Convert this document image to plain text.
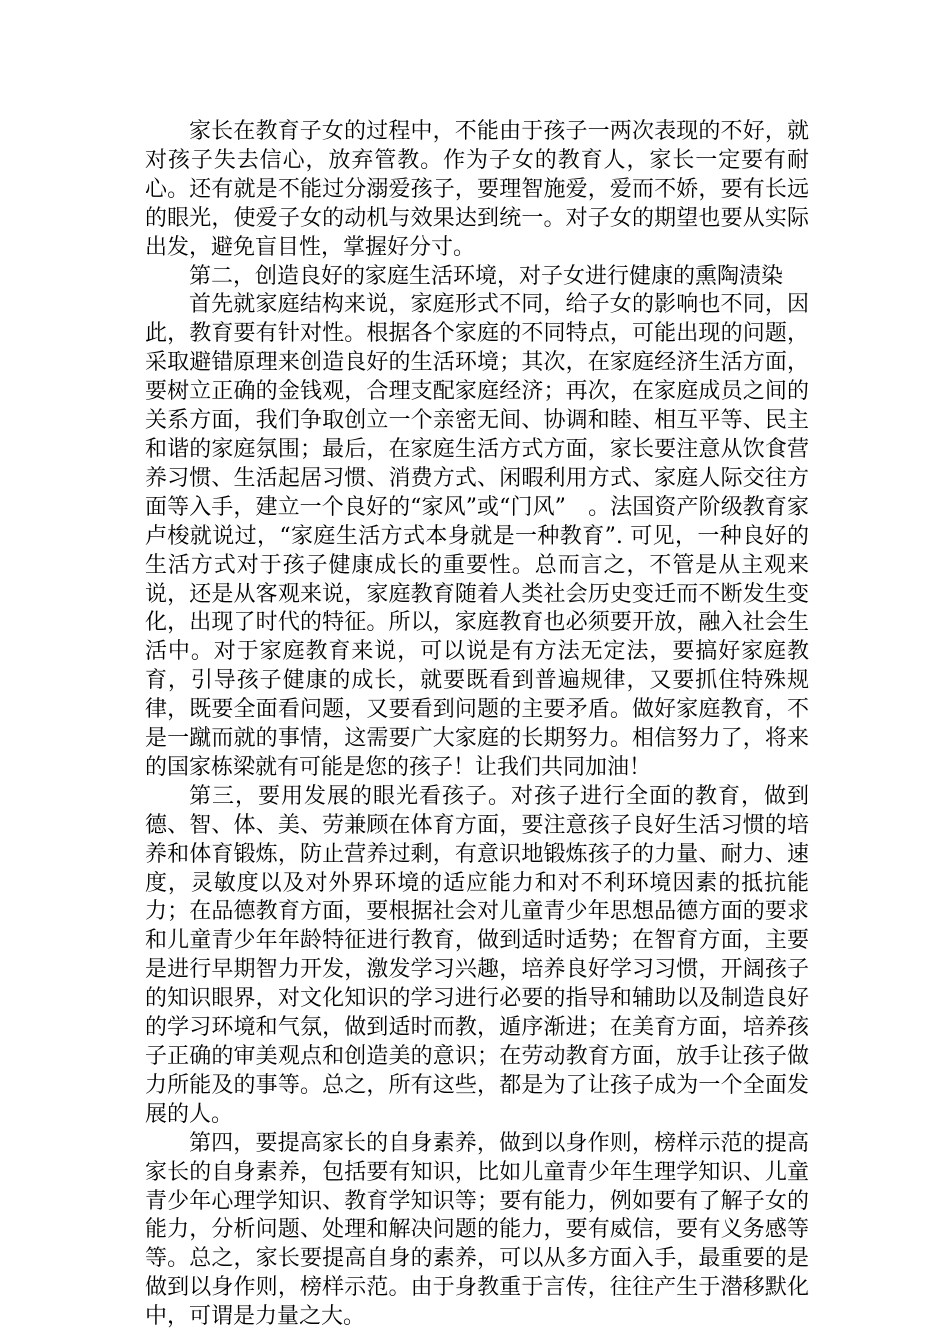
家长在教育子女的过程中，不能由于孩子一两次表现的不好，就对孩子失去信心，放弃管教。作为子女的教育人，家长一定要有耐心。还有就是不能过分溺爱孩子，要理智施爱，爱而不娇，要有长远的眼光，使爱子女的动机与效果达到统一。对子女的期望也要从实际出发，避免盲目性，掌握好分寸。

第二，创造良好的家庭生活环境，对子女进行健康的熏陶渍染

首先就家庭结构来说，家庭形式不同，给子女的影响也不同，因此，教育要有针对性。根据各个家庭的不同特点，可能出现的问题，采取避错原理来创造良好的生活环境；其次，在家庭经济生活方面，要树立正确的金钱观，合理支配家庭经济；再次，在家庭成员之间的关系方面，我们争取创立一个亲密无间、协调和睦、相互平等、民主和谐的家庭氛围；最后，在家庭生活方式方面，家长要注意从饮食营养习惯、生活起居习惯、消费方式、闲暇利用方式、家庭人际交往方面等入手，建立一个良好的“家风”或“门风”　。法国资产阶级教育家卢梭就说过，“家庭生活方式本身就是一种教育”. 可见，一种良好的生活方式对于孩子健康成长的重要性。总而言之，不管是从主观来说，还是从客观来说，家庭教育随着人类社会历史变迁而不断发生变化，出现了时代的特征。所以，家庭教育也必须要开放，融入社会生活中。对于家庭教育来说，可以说是有方法无定法，要搞好家庭教育，引导孩子健康的成长，就要既看到普遍规律，又要抓住特殊规律，既要全面看问题，又要看到问题的主要矛盾。做好家庭教育，不是一蹴而就的事情，这需要广大家庭的长期努力。相信努力了，将来的国家栋梁就有可能是您的孩子！让我们共同加油！

第三，要用发展的眼光看孩子。对孩子进行全面的教育，做到德、智、体、美、劳兼顾在体育方面，要注意孩子良好生活习惯的培养和体育锻炼，防止营养过剩，有意识地锻炼孩子的力量、耐力、速度，灵敏度以及对外界环境的适应能力和对不利环境因素的抵抗能力；在品德教育方面，要根据社会对儿童青少年思想品德方面的要求和儿童青少年年龄特征进行教育，做到适时适势；在智育方面，主要是进行早期智力开发，激发学习兴趣，培养良好学习习惯，开阔孩子的知识眼界，对文化知识的学习进行必要的指导和辅助以及制造良好的学习环境和气氛，做到适时而教，遁序渐进；在美育方面，培养孩子正确的审美观点和创造美的意识；在劳动教育方面，放手让孩子做力所能及的事等。总之，所有这些，都是为了让孩子成为一个全面发展的人。

第四，要提高家长的自身素养，做到以身作则，榜样示范的提高家长的自身素养，包括要有知识，比如儿童青少年生理学知识、儿童青少年心理学知识、教育学知识等；要有能力，例如要有了解子女的能力，分析问题、处理和解决问题的能力，要有威信，要有义务感等等。总之，家长要提高自身的素养，可以从多方面入手，最重要的是做到以身作则，榜样示范。由于身教重于言传，往往产生于潜移默化中，可谓是力量之大。
